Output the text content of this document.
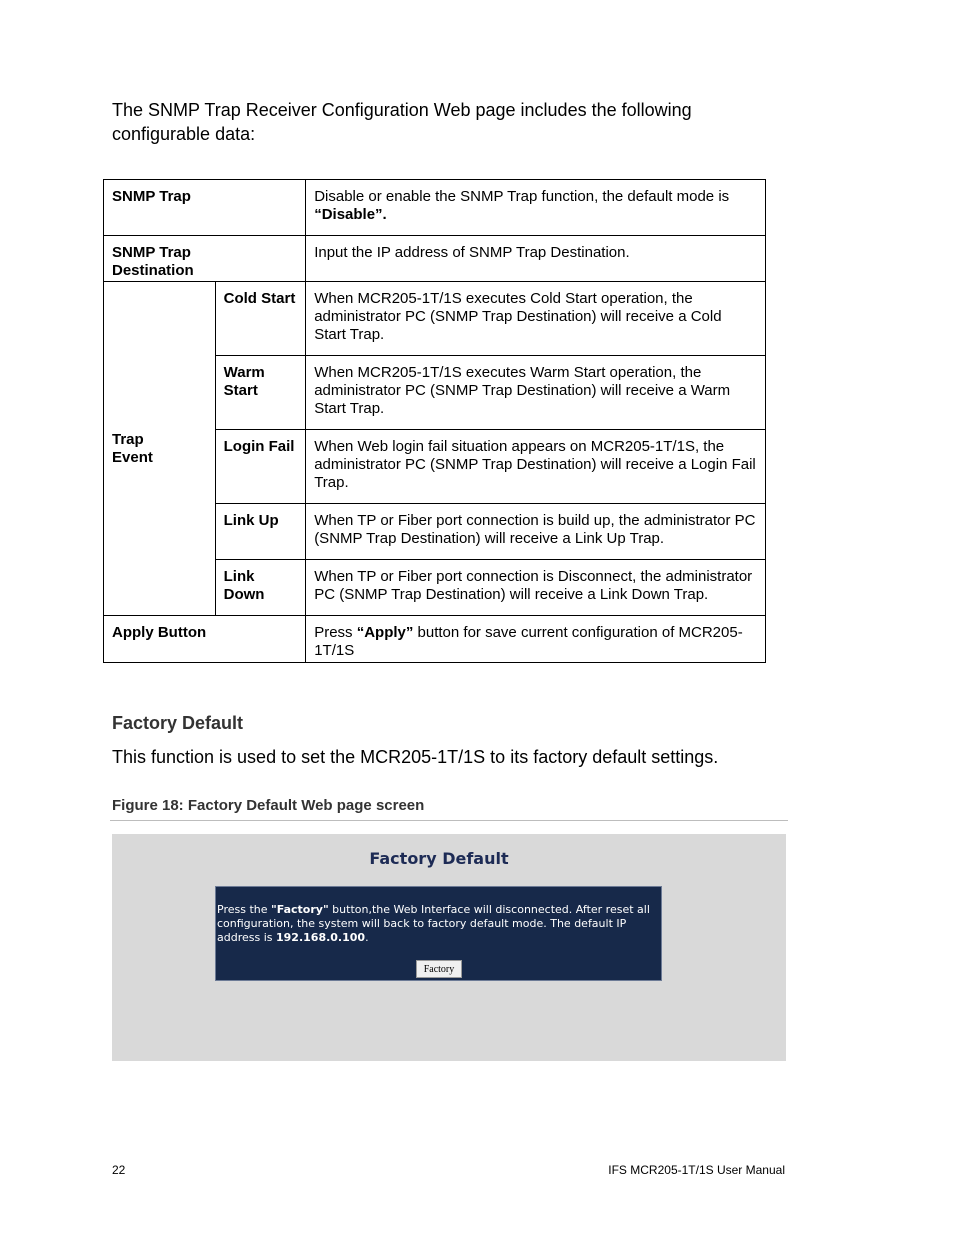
The SNMP Trap Receiver Configuration Web page includes the following configurable data:

SNMP Trap		Disable or enable the SNMP Trap function, the default mode is “Disable”.
SNMP Trap Destination		Input the IP address of SNMP Trap Destination.
Trap Event	Cold Start	When MCR205-1T/1S executes Cold Start operation, the administrator PC (SNMP Trap Destination) will receive a Cold Start Trap.
	Warm Start	When MCR205-1T/1S executes Warm Start operation, the administrator PC (SNMP Trap Destination) will receive a Warm Start Trap.
	Login Fail	When Web login fail situation appears on MCR205-1T/1S, the administrator PC (SNMP Trap Destination) will receive a Login Fail Trap.
	Link Up	When TP or Fiber port connection is build up, the administrator PC (SNMP Trap Destination) will receive a Link Up Trap.
	Link Down	When TP or Fiber port connection is Disconnect, the administrator PC (SNMP Trap Destination) will receive a Link Down Trap.
Apply Button		Press “Apply” button for save current configuration of MCR205-1T/1S

Factory Default

This function is used to set the MCR205-1T/1S to its factory default settings.

Figure 18: Factory Default Web page screen

Factory Default

Press the "Factory" button,the Web Interface will disconnected. After reset all configuration, the system will back to factory default mode. The default IP address is 192.168.0.100.

Factory

22	IFS MCR205-1T/1S User Manual
